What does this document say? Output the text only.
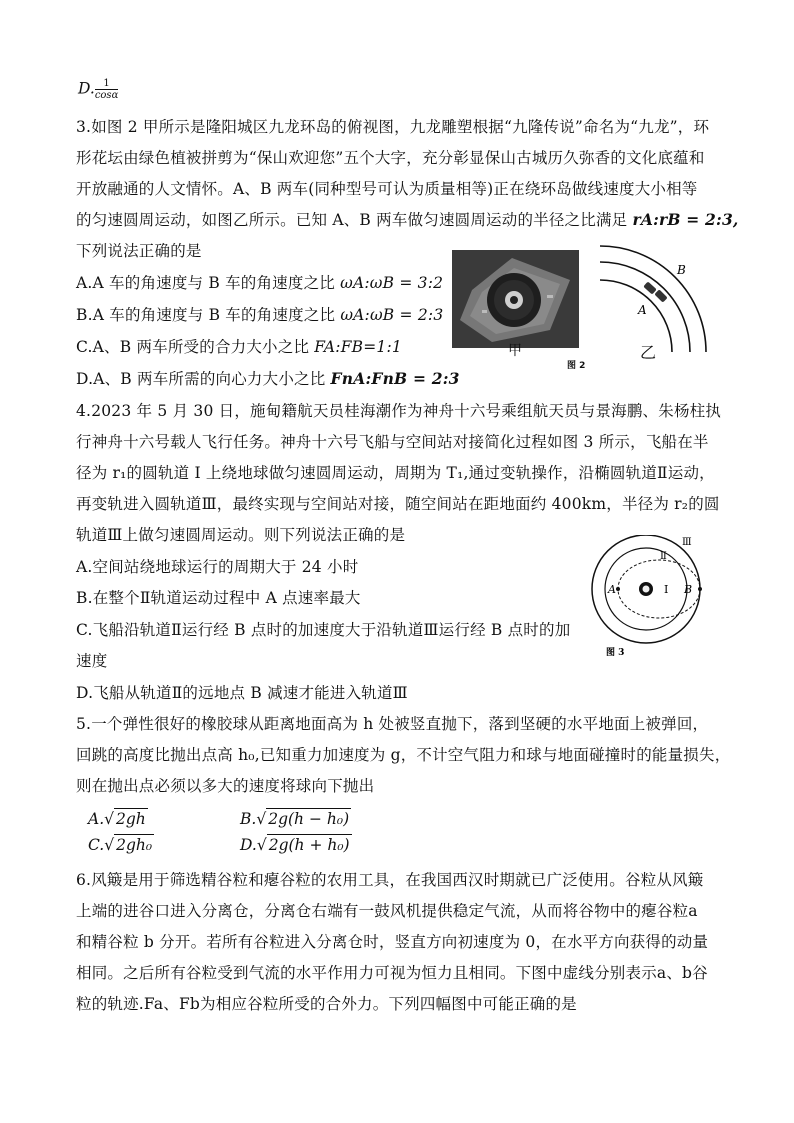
D. $\frac{1}{\cos\alpha}$
3.如图 2 甲所示是隆阳城区九龙环岛的俯视图，九龙雕塑根据“九隆传说”命名为“九龙”，环
形花坛由绿色植被拼剪为“保山欢迎您”五个大字，充分彰显保山古城历久弥香的文化底蕴和
开放融通的人文情怀。A、B 两车(同种型号可认为质量相等)正在绕环岛做线速度大小相等
的匀速圆周运动，如图乙所示。已知 A、B 两车做匀速圆周运动的半径之比满足 rA:rB = 2:3,
下列说法正确的是
A.A 车的角速度与 B 车的角速度之比 ωA:ωB = 3:2
B.A 车的角速度与 B 车的角速度之比 ωA:ωB = 2:3
C.A、B 两车所受的合力大小之比 FA:FB=1:1
D.A、B 两车所需的向心力大小之比 FnA:FnB = 2:3
甲
A
B
乙
图 2
4.2023 年 5 月 30 日，施甸籍航天员桂海潮作为神舟十六号乘组航天员与景海鹏、朱杨柱执
行神舟十六号载人飞行任务。神舟十六号飞船与空间站对接简化过程如图 3 所示，飞船在半
径为 r₁的圆轨道 Ⅰ 上绕地球做匀速圆周运动，周期为 T₁,通过变轨操作，沿椭圆轨道Ⅱ运动，
再变轨进入圆轨道Ⅲ，最终实现与空间站对接，随空间站在距地面约 400km，半径为 r₂的圆
轨道Ⅲ上做匀速圆周运动。则下列说法正确的是
A.空间站绕地球运行的周期大于 24 小时
B.在整个Ⅱ轨道运动过程中 A 点速率最大
C.飞船沿轨道Ⅱ运行经 B 点时的加速度大于沿轨道Ⅲ运行经 B 点时的加
速度
D.飞船从轨道Ⅱ的远地点 B 减速才能进入轨道Ⅲ
A	B
I
Ⅱ
Ⅲ
图 3
5.一个弹性很好的橡胶球从距离地面高为 h 处被竖直抛下，落到坚硬的水平地面上被弹回，
回跳的高度比抛出点高 h₀,已知重力加速度为 g，不计空气阻力和球与地面碰撞时的能量损失，
则在抛出点必须以多大的速度将球向下抛出
A.√ 2gh	B.√ 2g(h − h₀)
C.√ 2gh₀	D.√ 2g(h + h₀)
6.风簸是用于筛选精谷粒和瘪谷粒的农用工具，在我国西汉时期就已广泛使用。谷粒从风簸
上端的进谷口进入分离仓，分离仓右端有一鼓风机提供稳定气流，从而将谷物中的瘪谷粒a
和精谷粒 b 分开。若所有谷粒进入分离仓时，竖直方向初速度为 0，在水平方向获得的动量
相同。之后所有谷粒受到气流的水平作用力可视为恒力且相同。下图中虚线分别表示a、b谷
粒的轨迹.Fa、Fb为相应谷粒所受的合外力。下列四幅图中可能正确的是
